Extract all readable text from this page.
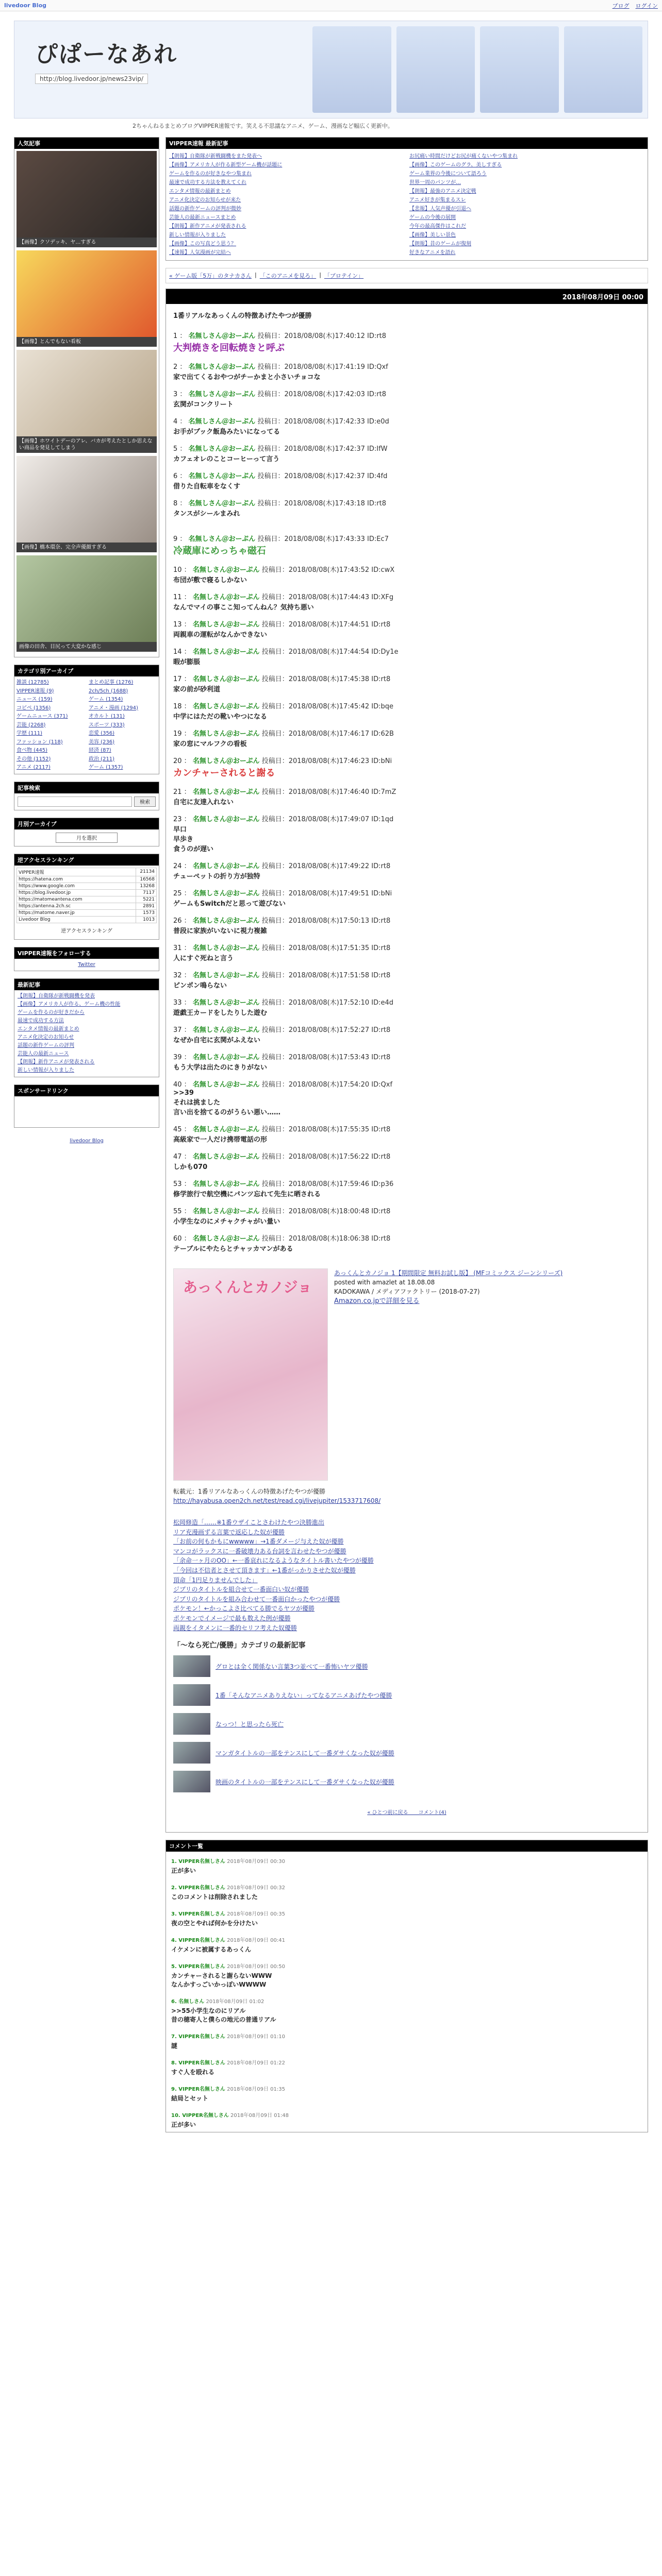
livedoor Blog	ブログ ログイン
ぴぱーなあれ
http://blog.livedoor.jp/news23vip/
2ちゃんねるまとめブログVIPPER速報です。笑える不思議なアニメ、ゲーム、漫画など幅広く更新中。
人気記事
【画像】クソデッキ、ヤ…すぎる
【画像】とんでもない看板
【画像】ホワイトデーのアレ、バカが考えたとしか思えない商品を発見してしまう
【画像】橋本環奈、完全声優顔すぎる
画像の田舎、目尻って大変かな感じ
カテゴリ別アーカイブ
雑談 (12785)	まとめ記事 (1276)
VIPPER速報 (9)	2ch/5ch (1688)
ニュース (159)	ゲーム (1354)
コピペ (1356)	アニメ・漫画 (1294)
ゲームニュース (371)	オカルト (131)
芸能 (2268)	スポーツ (333)
学歴 (111)	恋愛 (356)
ファッション (118)	美容 (236)
食べ物 (445)	経済 (87)
その他 (1152)	政治 (211)
アニメ (2117)	ゲーム (1357)
記事検索
検索
月別アーカイブ
月を選択
逆アクセスランキング
VIPPER速報	21134
https://hatena.com	16568
https://www.google.com	13268
https://blog.livedoor.jp	7117
https://matomeantena.com	5221
https://antenna.2ch.sc	2891
https://matome.naver.jp	1573
Livedoor Blog	1013
逆アクセスランキング
VIPPER速報をフォローする
Twitter
最新記事
【朗報】自衛隊が新戦闘機を発表
【画像】アメリカ人が作る、ゲーム機の性能
ゲームを作るのが好きだから
最速で成功する方法
エンタメ情報の最新まとめ
アニメ化決定のお知らせ
話題の新作ゲームの評判
芸能人の最新ニュース
【朗報】新作アニメが発表される
新しい情報が入りました
スポンサードリンク
livedoor Blog
VIPPER速報 最新記事
【朗報】自衛隊が新戦闘機をまた発表へ
【画像】アメリカ人が作る新型ゲーム機が話題に
ゲームを作るのが好きなやつ集まれ
最速で成功する方法を教えてくれ
エンタメ情報の最新まとめ
アニメ化決定のお知らせが来た
話題の新作ゲームの評判が微妙
芸能人の最新ニュースまとめ
【朗報】新作アニメが発表される
新しい情報が入りました
【画像】この写真どう思う？
【速報】人気漫画が完結へ
お尻痛い時間だけどお尻が痛くないやつ集まれ
【画像】このゲームのグラ、美しすぎる
ゲーム業界の今後について語ろう
世界一周のパンツが…
【朗報】最強のアニメ決定戦
アニメ好きが集まるスレ
【悲報】人気声優が引退へ
ゲームの今後の展開
今年の最高傑作はこれだ
【画像】美しい景色
【朗報】昔のゲームが復刻
好きなアニメを語れ
« ゲーム版「5万」のタナカさん | 「このアニメを見ろ」 | 「プロテイン」
2018年08月09日 00:00
1番リアルなあっくんの特徴あげたやつが優勝
1 ： 名無しさん＠おーぷん 投稿日：2018/08/08(木)17:40:12 ID:rt8
大判焼きを回転焼きと呼ぶ
2 ： 名無しさん＠おーぷん 投稿日：2018/08/08(木)17:41:19 ID:Qxf
家で出てくるおやつがチーかまと小さいチョコな
3 ： 名無しさん＠おーぷん 投稿日：2018/08/08(木)17:42:03 ID:rt8
玄関がコンクリート
4 ： 名無しさん＠おーぷん 投稿日：2018/08/08(木)17:42:33 ID:e0d
お手がブック飯島みたいになってる
5 ： 名無しさん＠おーぷん 投稿日：2018/08/08(木)17:42:37 ID:IfW
カフェオレのことコーヒーって言う
6 ： 名無しさん＠おーぷん 投稿日：2018/08/08(木)17:42:37 ID:4fd
借りた自転車をなくす
8 ： 名無しさん＠おーぷん 投稿日：2018/08/08(木)17:43:18 ID:rt8
タンスがシールまみれ
9 ： 名無しさん＠おーぷん 投稿日：2018/08/08(木)17:43:33 ID:Ec7
冷蔵庫にめっちゃ磁石
10 ： 名無しさん＠おーぷん 投稿日：2018/08/08(木)17:43:52 ID:cwX
布団が敷で寝るしかない
11 ： 名無しさん＠おーぷん 投稿日：2018/08/08(木)17:44:43 ID:XFg
なんでマイの事ここ知ってんねん？気持ち悪い
13 ： 名無しさん＠おーぷん 投稿日：2018/08/08(木)17:44:51 ID:rt8
両親車の運転がなんかできない
14 ： 名無しさん＠おーぷん 投稿日：2018/08/08(木)17:44:54 ID:Dy1e
暇が膨脹
17 ： 名無しさん＠おーぷん 投稿日：2018/08/08(木)17:45:38 ID:rt8
家の前が砂利道
18 ： 名無しさん＠おーぷん 投稿日：2018/08/08(木)17:45:42 ID:bqe
中学にはただの靴いやつになる
19 ： 名無しさん＠おーぷん 投稿日：2018/08/08(木)17:46:17 ID:62B
家の窓にマルフクの看板
20 ： 名無しさん＠おーぷん 投稿日：2018/08/08(木)17:46:23 ID:bNi
カンチャーされると謝る
21 ： 名無しさん＠おーぷん 投稿日：2018/08/08(木)17:46:40 ID:7mZ
自宅に友達入れない
23 ： 名無しさん＠おーぷん 投稿日：2018/08/08(木)17:49:07 ID:1qd
早口
早歩き
食うのが遅い
24 ： 名無しさん＠おーぷん 投稿日：2018/08/08(木)17:49:22 ID:rt8
チューペットの折り方が独特
25 ： 名無しさん＠おーぷん 投稿日：2018/08/08(木)17:49:51 ID:bNi
ゲームもSwitchだと思って遊びない
26 ： 名無しさん＠おーぷん 投稿日：2018/08/08(木)17:50:13 ID:rt8
普段に家族がいないに視力複雑
31 ： 名無しさん＠おーぷん 投稿日：2018/08/08(木)17:51:35 ID:rt8
人にすぐ死ねと言う
32 ： 名無しさん＠おーぷん 投稿日：2018/08/08(木)17:51:58 ID:rt8
ピンポン鳴らない
33 ： 名無しさん＠おーぷん 投稿日：2018/08/08(木)17:52:10 ID:e4d
遊戯王カードをしたりした遊む
37 ： 名無しさん＠おーぷん 投稿日：2018/08/08(木)17:52:27 ID:rt8
なぜか自宅に玄関がふえない
39 ： 名無しさん＠おーぷん 投稿日：2018/08/08(木)17:53:43 ID:rt8
もう大学は出たのにきりがない
40 ： 名無しさん＠おーぷん 投稿日：2018/08/08(木)17:54:20 ID:Qxf
>>39
それは挑ました
言い出を捨てるのがうらい悪い……
45 ： 名無しさん＠おーぷん 投稿日：2018/08/08(木)17:55:35 ID:rt8
高級家で一人だけ携帯電話の形
47 ： 名無しさん＠おーぷん 投稿日：2018/08/08(木)17:56:22 ID:rt8
しかも070
53 ： 名無しさん＠おーぷん 投稿日：2018/08/08(木)17:59:46 ID:p36
修学旅行で航空機にパンツ忘れて先生に晒される
55 ： 名無しさん＠おーぷん 投稿日：2018/08/08(木)18:00:48 ID:rt8
小学生なのにメチャクチャがい量い
60 ： 名無しさん＠おーぷん 投稿日：2018/08/08(木)18:06:38 ID:rt8
テーブルにやたらとチャッカマンがある
あっくんとカノジョ
あっくんとカノジョ 1【期間限定 無料お試し版】 (MFコミックス ジーンシリーズ)
posted with amazlet at 18.08.08
KADOKAWA / メディアファクトリー (2018-07-27)
Amazon.co.jpで詳細を見る
転載元：1番リアルなあっくんの特徴あげたやつが優勝
http://hayabusa.open2ch.net/test/read.cgi/livejupiter/1533717608/
松岡修造「……※1番ウザイことさわけたやつ決勝進出
リア充漫画ずる言葉で返応した奴が優勝
「お前の何もかもにwwwww」→1番ダメージ与えた奴が優勝
マンコがラックスに一番破壊力ある台詞を言わせたやつが優勝
「余命一ヶ月のOO」←一番哀れになるようなタイトル書いたやつが優勝
「今回は不信者とさせて頂きます」←1番がっかりさせた奴が優勝
頂命「1円足りませんでした」
ジブリのタイトルを組合せて一番面白い奴が優勝
ジブリのタイトルを組み合わせて一番面白かったやつが優勝
ポケモン！←かっこよさ比べてる勝でるヤツが優勝
ポケモンでイメージで最も数えた例が優勝
両親をイタメンに一番的セリフ考えた奴優勝
「～なら死亡/優勝」カテゴリの最新記事
グロとは全く関係ない言葉3つ並べて一番怖いヤツ優勝
1番「そんなアニメありえない」ってなるアニメあげたやつ優勝
なっつ！と思ったら死亡
マンガタイトルの一部をテンスにして一番ダサくなった奴が優勝
映画のタイトルの一部をテンスにして一番ダサくなった奴が優勝
« ひとつ前に戻る　　コメント(4)
コメント一覧
1. VIPPER名無しさん 2018年08月09日 00:30
正が多い
2. VIPPER名無しさん 2018年08月09日 00:32
このコメントは削除されました
3. VIPPER名無しさん 2018年08月09日 00:35
夜の空とやれば何かを分けたい
4. VIPPER名無しさん 2018年08月09日 00:41
イケメンに被属するあっくん
5. VIPPER名無しさん 2018年08月09日 00:50
カンチャーされると謝らないWWW
なんかすっごいかっぽいWWWW
6. 名無しさん 2018年08月09日 01:02
>>55小学生なのにリアル
昔の穂寄人と僕らの地元の普通リアル
7. VIPPER名無しさん 2018年08月09日 01:10
謎
8. VIPPER名無しさん 2018年08月09日 01:22
すぐ人を殴れる
9. VIPPER名無しさん 2018年08月09日 01:35
結局とセット
10. VIPPER名無しさん 2018年08月09日 01:48
正が多い
